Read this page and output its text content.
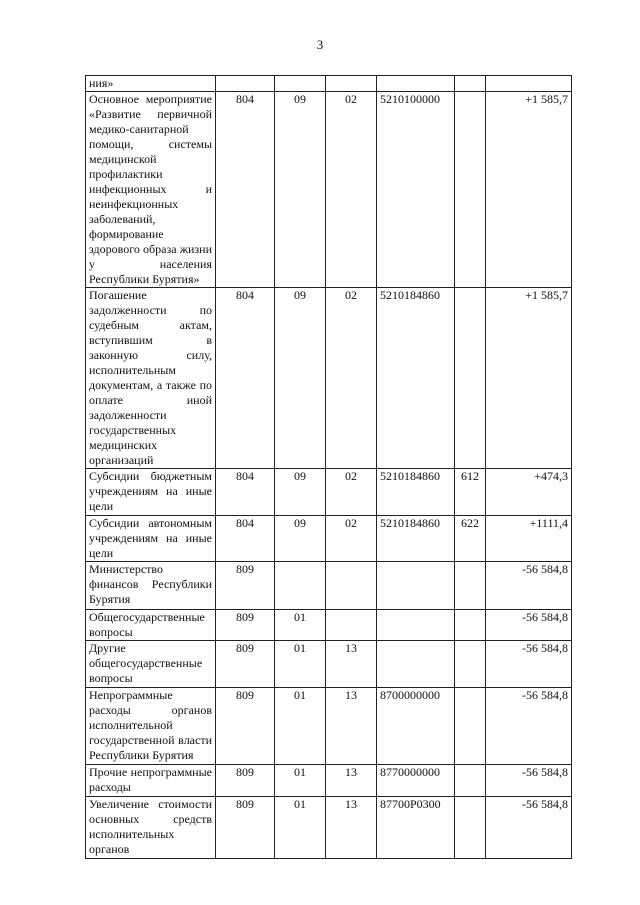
3
ния»						
Основное мероприятие «Развитие первичной медико-санитарной помощи, системы медицинской профилактики инфекционных и неинфекционных заболеваний, формирование здорового образа жизни у населения Республики Бурятия»	804	09	02	5210100000		+1 585,7
Погашение задолженности по судебным актам, вступившим в законную силу, исполнительным документам, а также по оплате иной задолженности государственных медицинских организаций	804	09	02	5210184860		+1 585,7
Субсидии бюджетным учреждениям на иные цели	804	09	02	5210184860	612	+474,3
Субсидии автономным учреждениям на иные цели	804	09	02	5210184860	622	+1111,4
Министерство финансов Республики Бурятия	809					-56 584,8
Общегосударственные вопросы	809	01				-56 584,8
Другие общегосударственные вопросы	809	01	13			-56 584,8
Непрограммные расходы органов исполнительной государственной власти Республики Бурятия	809	01	13	8700000000		-56 584,8
Прочие непрограммные расходы	809	01	13	8770000000		-56 584,8
Увеличение стоимости основных средств исполнительных органов	809	01	13	87700Р0300		-56 584,8
